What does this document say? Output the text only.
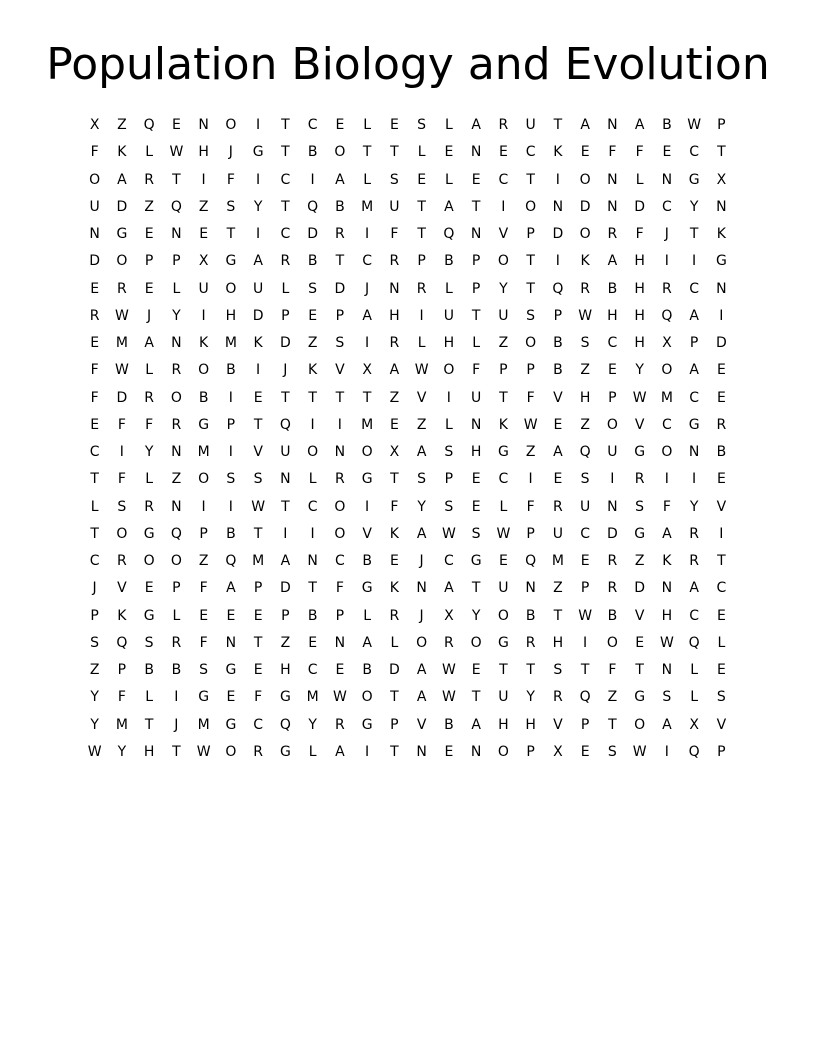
Population Biology and Evolution
X	Z	Q	E	N	O	I	T	C	E	L	E	S	L	A	R	U	T	A	N	A	B	W	P
F	K	L	W	H	J	G	T	B	O	T	T	L	E	N	E	C	K	E	F	F	E	C	T
O	A	R	T	I	F	I	C	I	A	L	S	E	L	E	C	T	I	O	N	L	N	G	X
U	D	Z	Q	Z	S	Y	T	Q	B	M	U	T	A	T	I	O	N	D	N	D	C	Y	N
N	G	E	N	E	T	I	C	D	R	I	F	T	Q	N	V	P	D	O	R	F	J	T	K
D	O	P	P	X	G	A	R	B	T	C	R	P	B	P	O	T	I	K	A	H	I	I	G
E	R	E	L	U	O	U	L	S	D	J	N	R	L	P	Y	T	Q	R	B	H	R	C	N
R	W	J	Y	I	H	D	P	E	P	A	H	I	U	T	U	S	P	W	H	H	Q	A	I
E	M	A	N	K	M	K	D	Z	S	I	R	L	H	L	Z	O	B	S	C	H	X	P	D
F	W	L	R	O	B	I	J	K	V	X	A	W	O	F	P	P	B	Z	E	Y	O	A	E
F	D	R	O	B	I	E	T	T	T	T	Z	V	I	U	T	F	V	H	P	W	M	C	E
E	F	F	R	G	P	T	Q	I	I	M	E	Z	L	N	K	W	E	Z	O	V	C	G	R
C	I	Y	N	M	I	V	U	O	N	O	X	A	S	H	G	Z	A	Q	U	G	O	N	B
T	F	L	Z	O	S	S	N	L	R	G	T	S	P	E	C	I	E	S	I	R	I	I	E
L	S	R	N	I	I	W	T	C	O	I	F	Y	S	E	L	F	R	U	N	S	F	Y	V
T	O	G	Q	P	B	T	I	I	O	V	K	A	W	S	W	P	U	C	D	G	A	R	I
C	R	O	O	Z	Q	M	A	N	C	B	E	J	C	G	E	Q	M	E	R	Z	K	R	T
J	V	E	P	F	A	P	D	T	F	G	K	N	A	T	U	N	Z	P	R	D	N	A	C
P	K	G	L	E	E	E	P	B	P	L	R	J	X	Y	O	B	T	W	B	V	H	C	E
S	Q	S	R	F	N	T	Z	E	N	A	L	O	R	O	G	R	H	I	O	E	W	Q	L
Z	P	B	B	S	G	E	H	C	E	B	D	A	W	E	T	T	S	T	F	T	N	L	E
Y	F	L	I	G	E	F	G	M	W	O	T	A	W	T	U	Y	R	Q	Z	G	S	L	S
Y	M	T	J	M	G	C	Q	Y	R	G	P	V	B	A	H	H	V	P	T	O	A	X	V
W	Y	H	T	W	O	R	G	L	A	I	T	N	E	N	O	P	X	E	S	W	I	Q	P
